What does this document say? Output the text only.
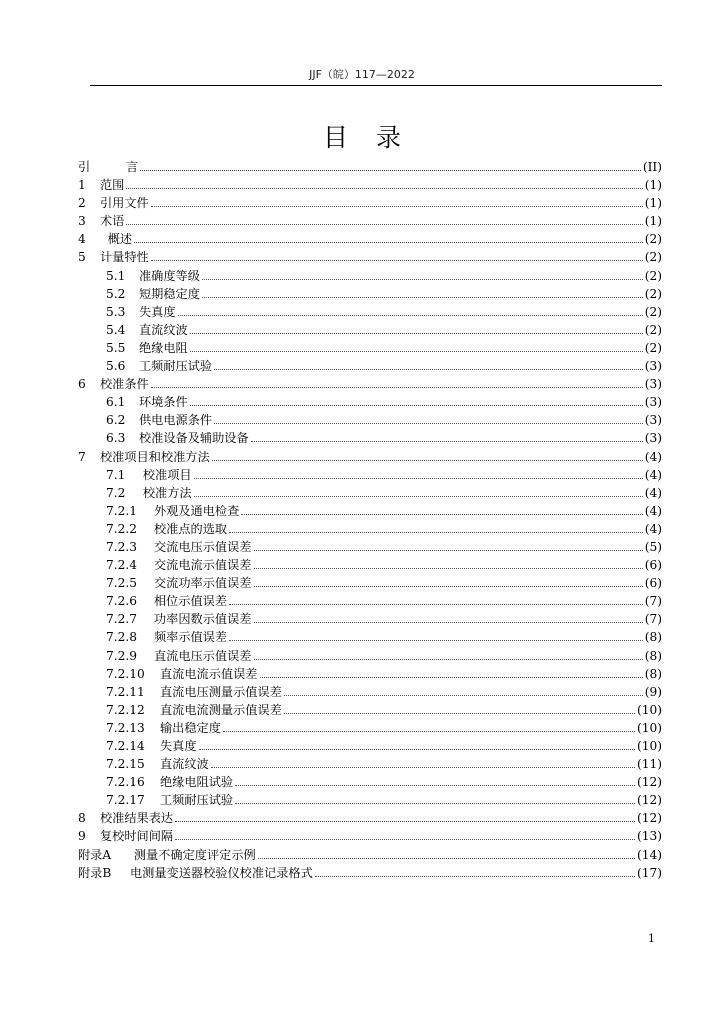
JJF（皖）117—2022
目录
引	言	(II)
1	范围	(1)
2	引用文件	(1)
3	术语	(1)
4	概述	(2)
5	计量特性	(2)
5.1	准确度等级	(2)
5.2	短期稳定度	(2)
5.3	失真度	(2)
5.4	直流纹波	(2)
5.5	绝缘电阻	(2)
5.6	工频耐压试验	(3)
6	校准条件	(3)
6.1	环境条件	(3)
6.2	供电电源条件	(3)
6.3	校准设备及辅助设备	(3)
7	校准项目和校准方法	(4)
7.1	校准项目	(4)
7.2	校准方法	(4)
7.2.1	外观及通电检查	(4)
7.2.2	校准点的选取	(4)
7.2.3	交流电压示值误差	(5)
7.2.4	交流电流示值误差	(6)
7.2.5	交流功率示值误差	(6)
7.2.6	相位示值误差	(7)
7.2.7	功率因数示值误差	(7)
7.2.8	频率示值误差	(8)
7.2.9	直流电压示值误差	(8)
7.2.10	直流电流示值误差	(8)
7.2.11	直流电压测量示值误差	(9)
7.2.12	直流电流测量示值误差	(10)
7.2.13	输出稳定度	(10)
7.2.14	失真度	(10)
7.2.15	直流纹波	(11)
7.2.16	绝缘电阻试验	(12)
7.2.17	工频耐压试验	(12)
8	校准结果表达	(12)
9	复校时间间隔	(13)
附录A	测量不确定度评定示例	(14)
附录B	电测量变送器校验仪校准记录格式	(17)
1
